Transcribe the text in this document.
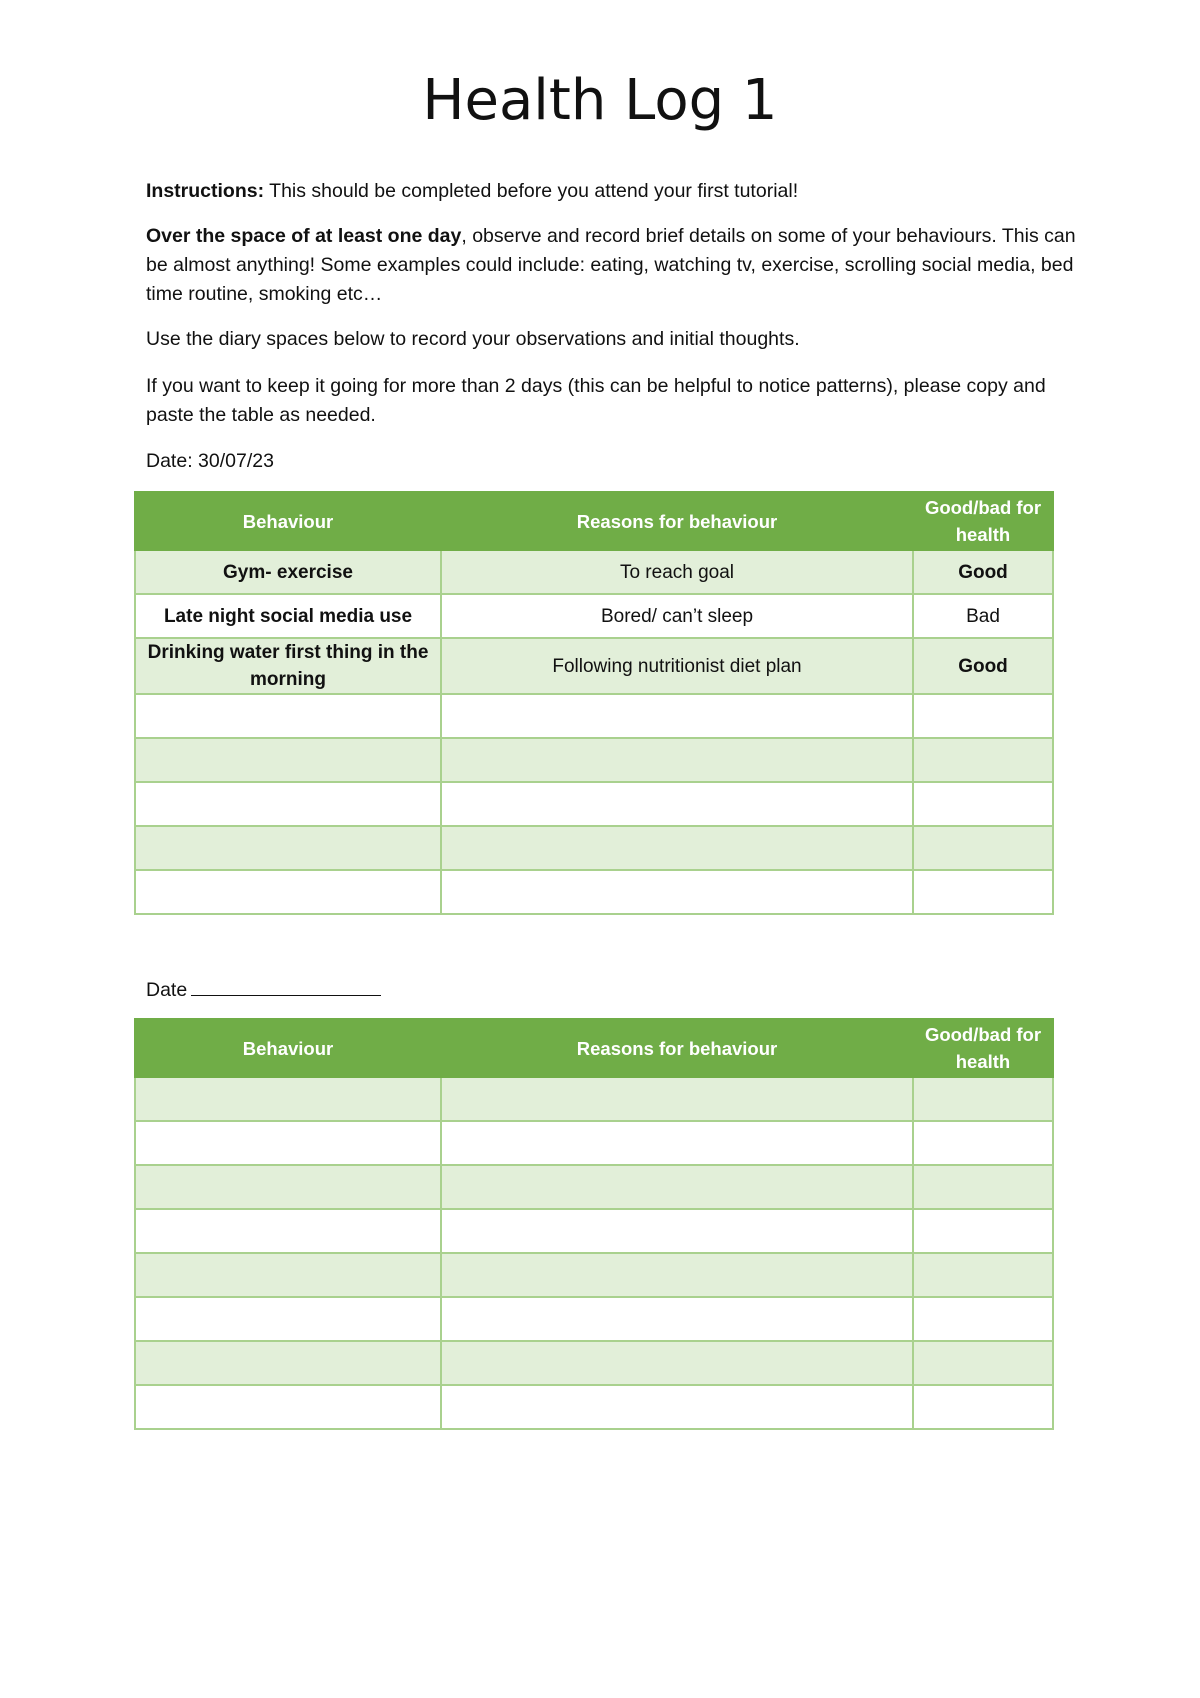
Health Log 1

Instructions: This should be completed before you attend your first tutorial!

Over the space of at least one day, observe and record brief details on some of your behaviours. This can be almost anything! Some examples could include: eating, watching tv, exercise, scrolling social media, bed time routine, smoking etc…

Use the diary spaces below to record your observations and initial thoughts.

If you want to keep it going for more than 2 days (this can be helpful to notice patterns), please copy and paste the table as needed.

Date: 30/07/23

Behaviour	Reasons for behaviour	Good/bad for health
Gym- exercise	To reach goal	Good
Late night social media use	Bored/ can’t sleep	Bad
Drinking water first thing in the morning	Following nutritionist diet plan	Good

Date
Behaviour	Reasons for behaviour	Good/bad for health
